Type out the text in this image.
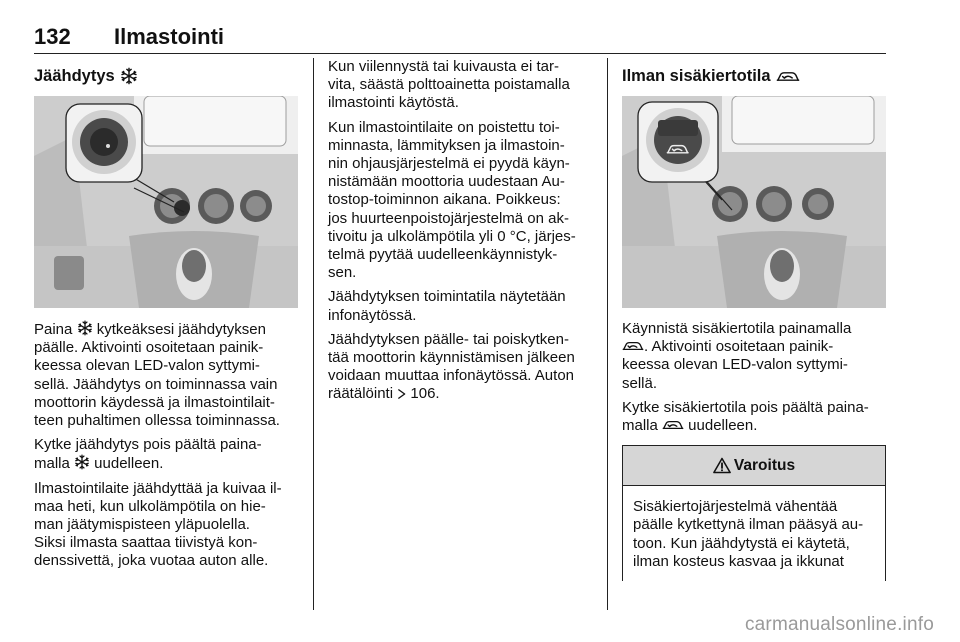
132 Ilmastointi
Jäähdytys

Paina  kytkeäksesi jäähdytyksen
päälle. Aktivointi osoitetaan painik-
keessa olevan LED-valon syttymi-
sellä. Jäähdytys on toiminnassa vain
moottorin käydessä ja ilmastointilait-
teen puhaltimen ollessa toiminnassa.

Kytke jäähdytys pois päältä paina-
malla  uudelleen.

Ilmastointilaite jäähdyttää ja kuivaa il-
maa heti, kun ulkolämpötila on hie-
man jäätymispisteen yläpuolella.
Siksi ilmasta saattaa tiivistyä kon-
denssivettä, joka vuotaa auton alle.

Kun viilennystä tai kuivausta ei tar-
vita, säästä polttoainetta poistamalla
ilmastointi käytöstä.

Kun ilmastointilaite on poistettu toi-
minnasta, lämmityksen ja ilmastoin-
nin ohjausjärjestelmä ei pyydä käyn-
nistämään moottoria uudestaan Au-
tostop-toiminnon aikana. Poikkeus:
jos huurteenpoistojärjestelmä on ak-
tivoitu ja ulkolämpötila yli 0 °C, järjes-
telmä pyytää uudelleenkäynnistyk-
sen.

Jäähdytyksen toimintatila näytetään
infonäytössä.

Jäähdytyksen päälle- tai poiskytken-
tää moottorin käynnistämisen jälkeen
voidaan muuttaa infonäytössä. Auton
räätälöinti  106.

Ilman sisäkiertotila

Käynnistä sisäkiertotila painamalla
. Aktivointi osoitetaan painik-
keessa olevan LED-valon syttymi-
sellä.

Kytke sisäkiertotila pois päältä paina-
malla  uudelleen.

Varoitus

Sisäkiertojärjestelmä vähentää
päälle kytkettynä ilman pääsyä au-
toon. Kun jäähdytystä ei käytetä,
ilman kosteus kasvaa ja ikkunat

carmanualsonline.info
